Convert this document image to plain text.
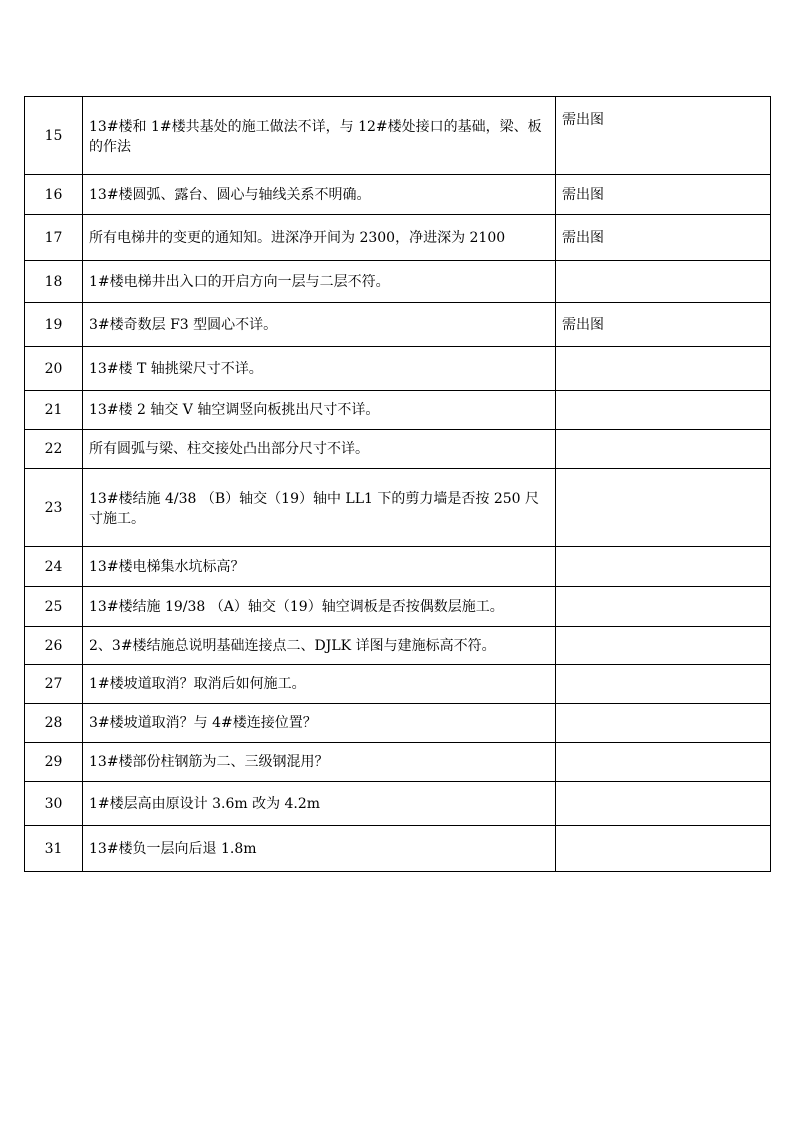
15	13#楼和 1#楼共基处的施工做法不详，与 12#楼处接口的基础，梁、板的作法	需出图
16	13#楼圆弧、露台、圆心与轴线关系不明确。	需出图
17	所有电梯井的变更的通知知。进深净开间为 2300，净进深为 2100	需出图
18	1#楼电梯井出入口的开启方向一层与二层不符。	
19	3#楼奇数层 F3 型圆心不详。	需出图
20	13#楼 T 轴挑梁尺寸不详。	
21	13#楼 2 轴交 V 轴空调竖向板挑出尺寸不详。	
22	所有圆弧与梁、柱交接处凸出部分尺寸不详。	
23	13#楼结施 4/38 （B）轴交（19）轴中 LL1 下的剪力墙是否按 250 尺寸施工。	
24	13#楼电梯集水坑标高？	
25	13#楼结施 19/38 （A）轴交（19）轴空调板是否按偶数层施工。	
26	2、3#楼结施总说明基础连接点二、DJLK 详图与建施标高不符。	
27	1#楼坡道取消？取消后如何施工。	
28	3#楼坡道取消？与 4#楼连接位置？	
29	13#楼部份柱钢筋为二、三级钢混用？	
30	1#楼层高由原设计 3.6m 改为 4.2m	
31	13#楼负一层向后退 1.8m	
